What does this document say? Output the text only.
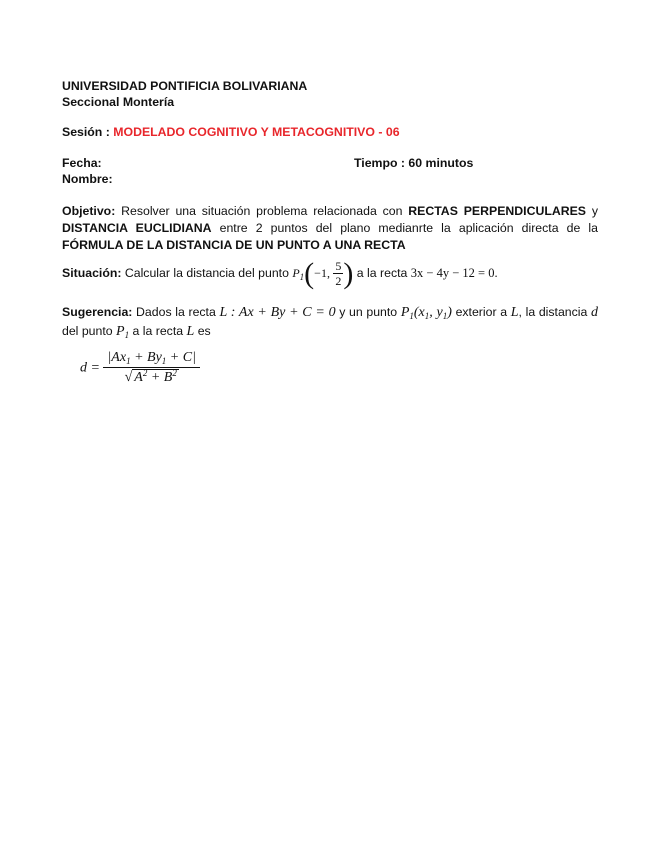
UNIVERSIDAD PONTIFICIA BOLIVARIANA
Seccional Montería
Sesión : MODELADO COGNITIVO Y METACOGNITIVO - 06
Fecha:	Tiempo : 60 minutos
Nombre:
Objetivo: Resolver una situación problema relacionada con RECTAS PERPENDICULARES y DISTANCIA EUCLIDIANA entre 2 puntos del plano medianrte la aplicación directa de la FÓRMULA DE LA DISTANCIA DE UN PUNTO A UNA RECTA
Situación: Calcular la distancia del punto $P_1(-1$, $\frac{5}{2}$ ) a la recta 3x − 4y − 12 = 0.
Sugerencia: Dados la recta L : Ax + By + C = 0 y un punto $P_1(x_1$, $y_1$) exterior a L, la distancia d del punto $P_1$ a la recta L es
$d = \frac{|Ax_1 + By_1 + C|}{√ A^2 + B^2}$
